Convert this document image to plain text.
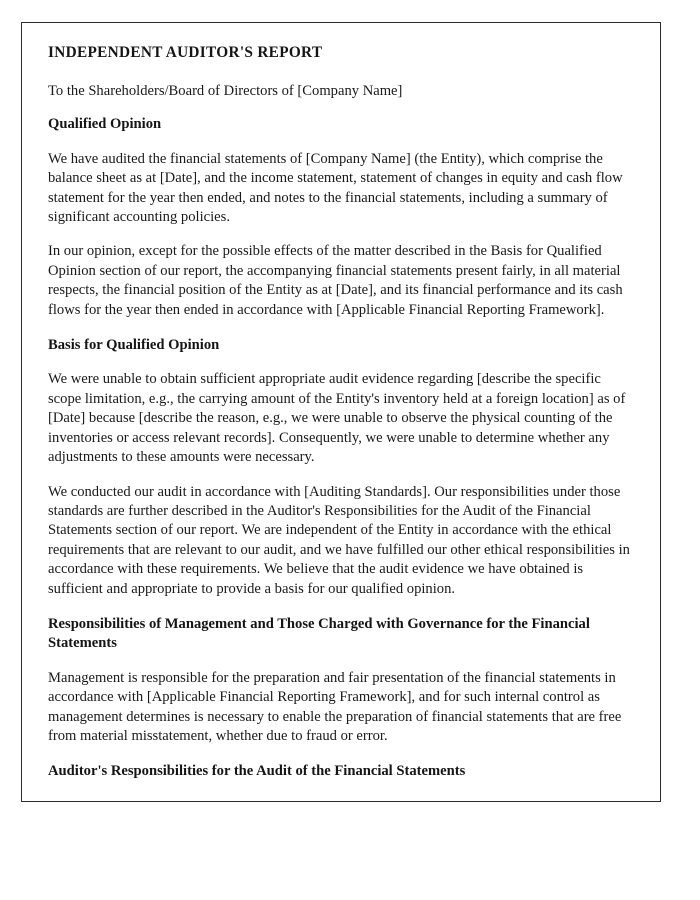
INDEPENDENT AUDITOR'S REPORT

To the Shareholders/Board of Directors of [Company Name]

Qualified Opinion

We have audited the financial statements of [Company Name] (the Entity), which comprise the balance sheet as at [Date], and the income statement, statement of changes in equity and cash flow statement for the year then ended, and notes to the financial statements, including a summary of significant accounting policies.

In our opinion, except for the possible effects of the matter described in the Basis for Qualified Opinion section of our report, the accompanying financial statements present fairly, in all material respects, the financial position of the Entity as at [Date], and its financial performance and its cash flows for the year then ended in accordance with [Applicable Financial Reporting Framework].

Basis for Qualified Opinion

We were unable to obtain sufficient appropriate audit evidence regarding [describe the specific scope limitation, e.g., the carrying amount of the Entity's inventory held at a foreign location] as of [Date] because [describe the reason, e.g., we were unable to observe the physical counting of the inventories or access relevant records]. Consequently, we were unable to determine whether any adjustments to these amounts were necessary.

We conducted our audit in accordance with [Auditing Standards]. Our responsibilities under those standards are further described in the Auditor's Responsibilities for the Audit of the Financial Statements section of our report. We are independent of the Entity in accordance with the ethical requirements that are relevant to our audit, and we have fulfilled our other ethical responsibilities in accordance with these requirements. We believe that the audit evidence we have obtained is sufficient and appropriate to provide a basis for our qualified opinion.

Responsibilities of Management and Those Charged with Governance for the Financial Statements

Management is responsible for the preparation and fair presentation of the financial statements in accordance with [Applicable Financial Reporting Framework], and for such internal control as management determines is necessary to enable the preparation of financial statements that are free from material misstatement, whether due to fraud or error.

Auditor's Responsibilities for the Audit of the Financial Statements
